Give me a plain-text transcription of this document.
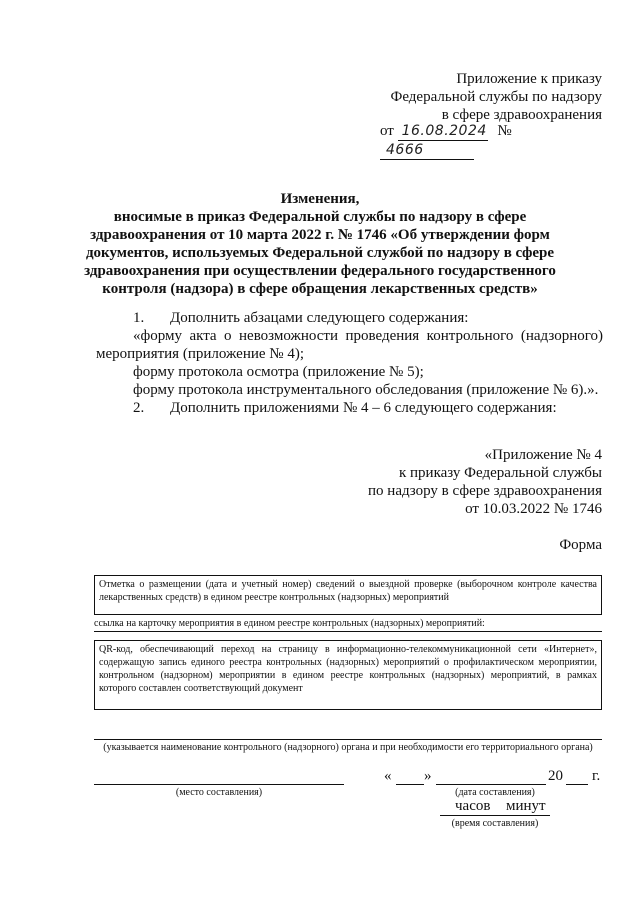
Приложение к приказу
Федеральной службы по надзору
в сфере здравоохранения
от 16.08.2024 № 4666
Изменения,
вносимые в приказ Федеральной службы по надзору в сфере
здравоохранения от 10 марта 2022 г. № 1746 «Об утверждении форм
документов, используемых Федеральной службой по надзору в сфере
здравоохранения при осуществлении федерального государственного
контроля (надзора) в сфере обращения лекарственных средств»
1. Дополнить абзацами следующего содержания:
«форму акта о невозможности проведения контрольного (надзорного)
мероприятия (приложение № 4);
форму протокола осмотра (приложение № 5);
форму протокола инструментального обследования (приложение № 6).».
2. Дополнить приложениями № 4 – 6 следующего содержания:
«Приложение № 4
к приказу Федеральной службы
по надзору в сфере здравоохранения
от 10.03.2022 № 1746
Форма
Отметка о размещении (дата и учетный номер) сведений о выездной проверке (выборочном контроле качества лекарственных средств) в едином реестре контрольных (надзорных) мероприятий
ссылка на карточку мероприятия в едином реестре контрольных (надзорных) мероприятий:
QR-код, обеспечивающий переход на страницу в информационно-телекоммуникационной сети «Интернет», содержащую запись единого реестра контрольных (надзорных) мероприятий о профилактическом мероприятии, контрольном (надзорном) мероприятии в едином реестре контрольных (надзорных) мероприятий, в рамках которого составлен соответствующий документ
(указывается наименование контрольного (надзорного) органа и при необходимости его территориального органа)
« »	20 г.
(место составления)	(дата составления)
часов минут
(время составления)
